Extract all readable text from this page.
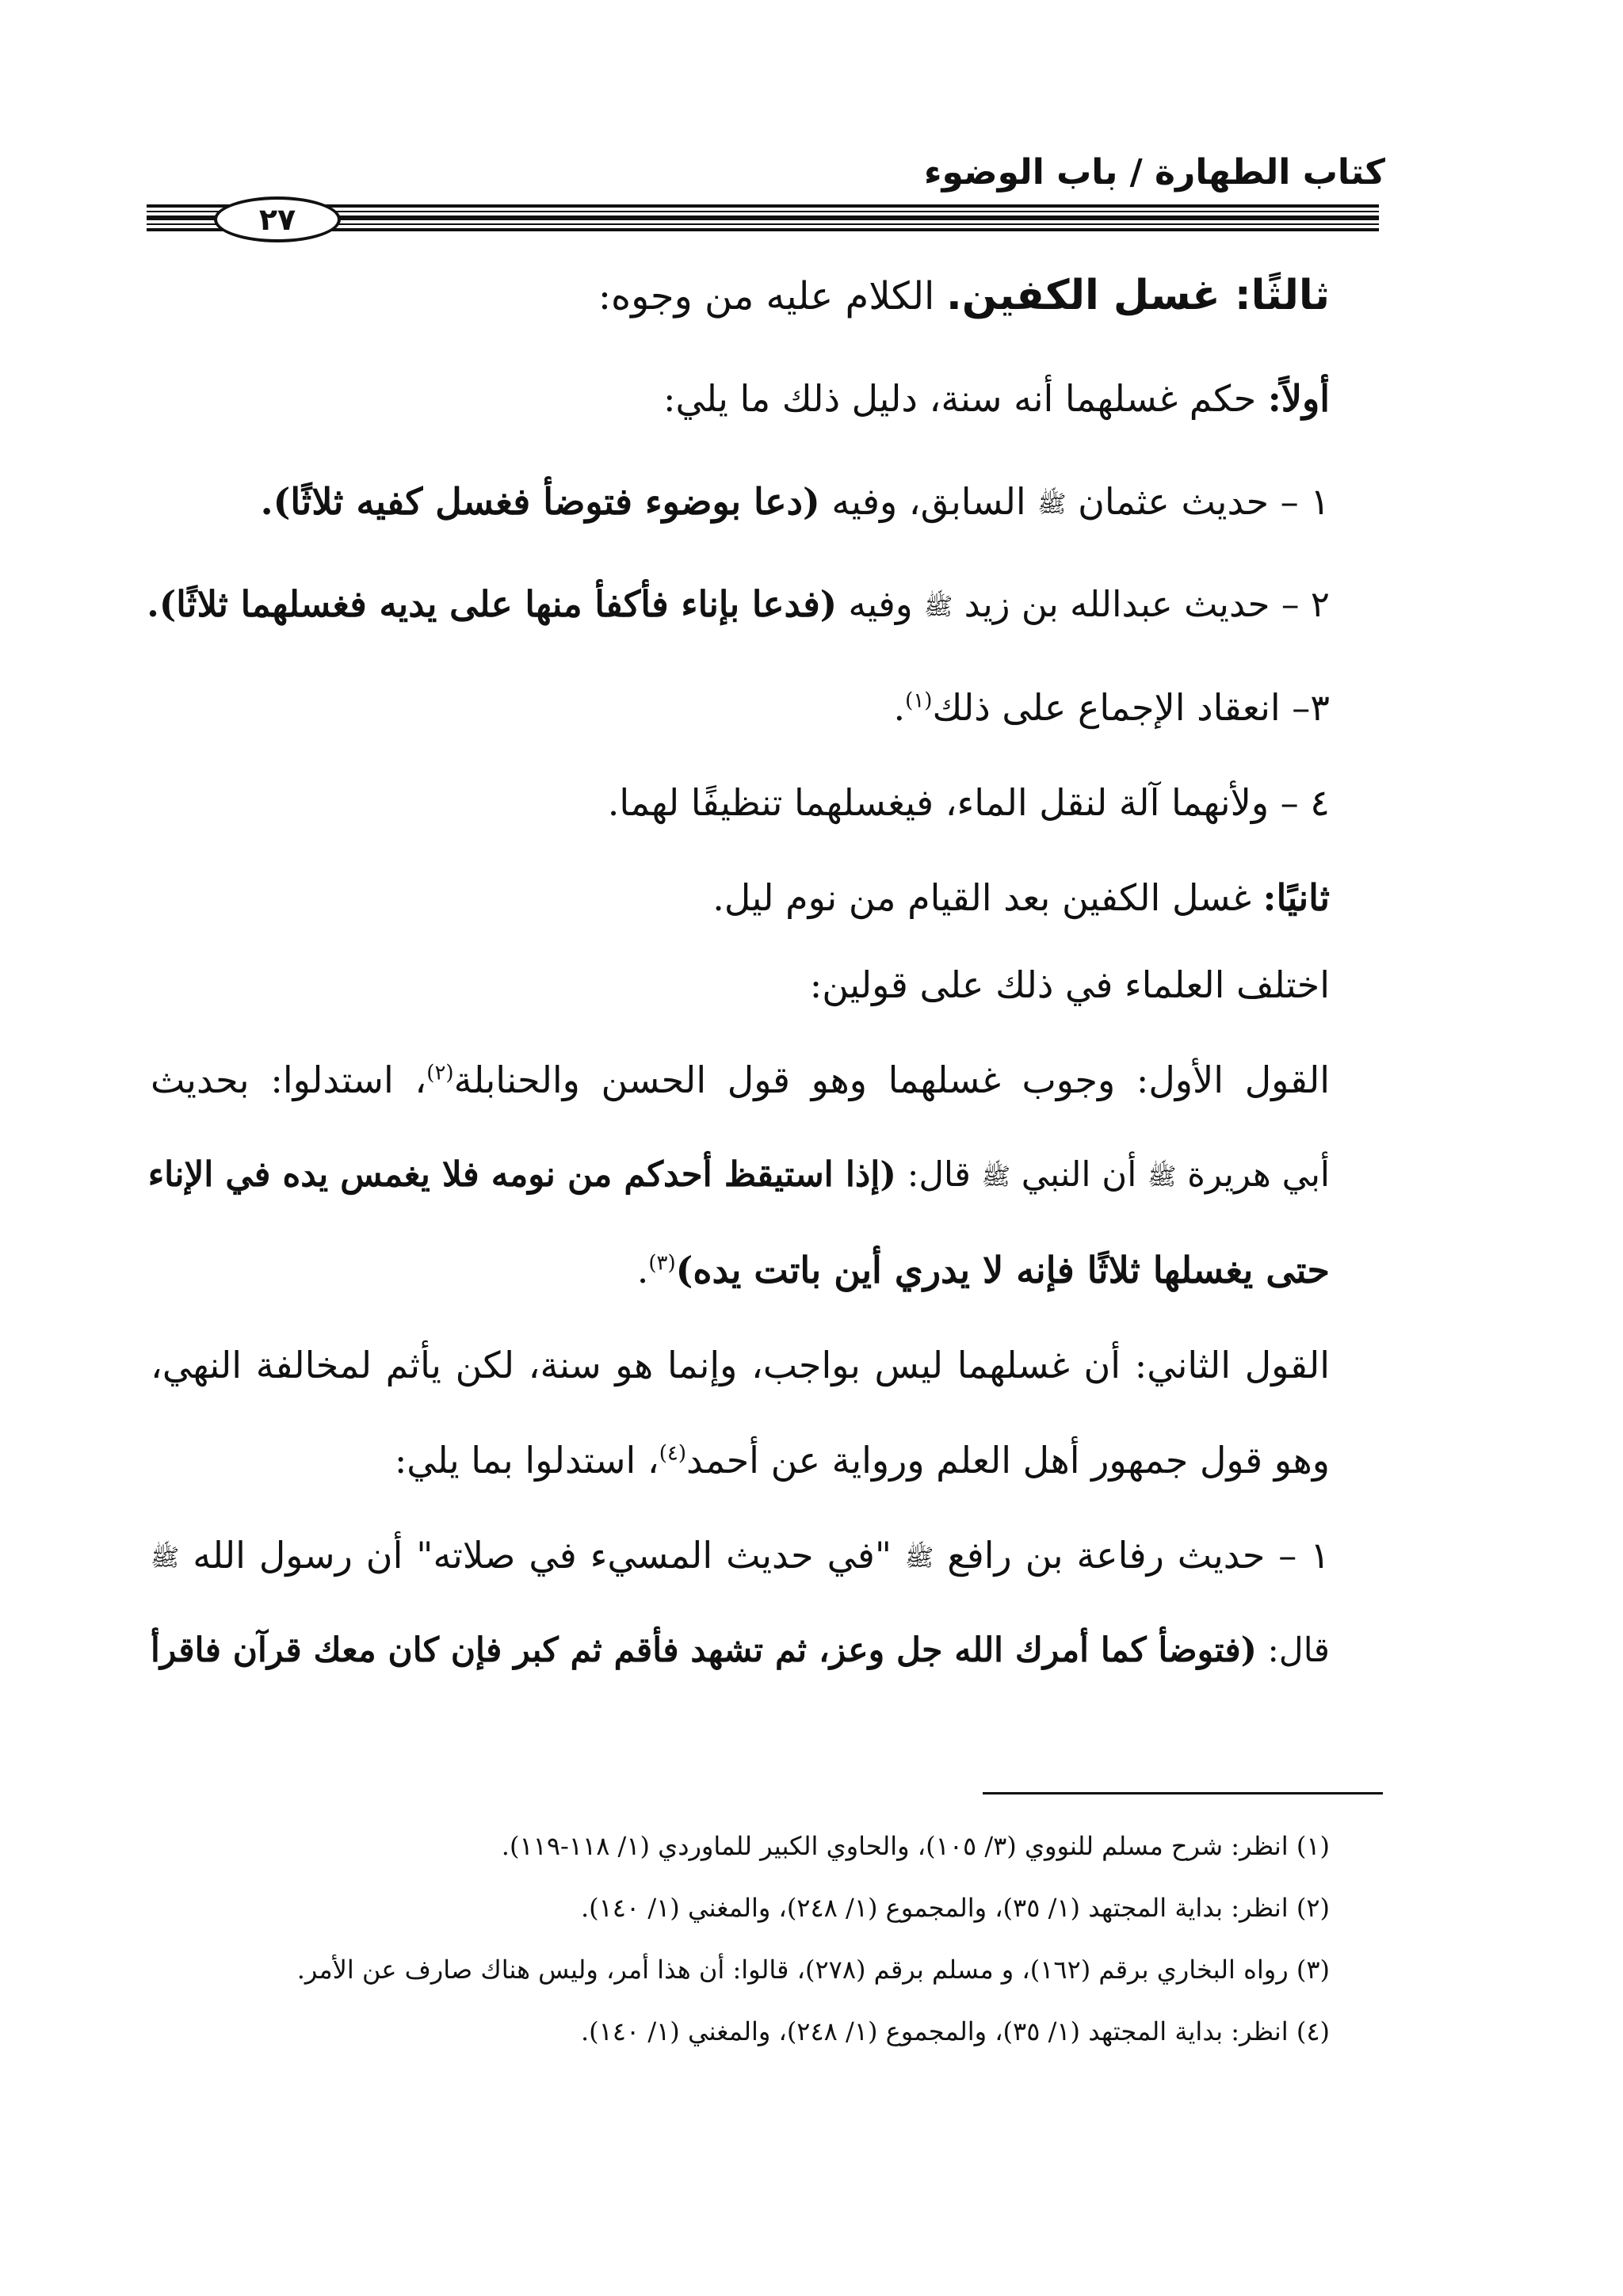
كتاب الطهارة / باب الوضوء
٢٧
ثالثًا: غسل الكفين. الكلام عليه من وجوه:
أولاً: حكم غسلهما أنه سنة، دليل ذلك ما يلي:
١ – حديث عثمان ﷺ السابق، وفيه (دعا بوضوء فتوضأ فغسل كفيه ثلاثًا).
٢ – حديث عبدالله بن زيد ﷺ وفيه (فدعا بإناء فأكفأ منها على يديه فغسلهما ثلاثًا).
٣– انعقاد الإجماع على ذلك$^{(١)}$.
٤ – ولأنهما آلة لنقل الماء، فيغسلهما تنظيفًا لهما.
ثانيًا: غسل الكفين بعد القيام من نوم ليل.
اختلف العلماء في ذلك على قولين:
القول الأول: وجوب غسلهما وهو قول الحسن والحنابلة$^{(٢)}$، استدلوا: بحديث
أبي هريرة ﷺ أن النبي ﷺ قال: (إذا استيقظ أحدكم من نومه فلا يغمس يده في الإناء
حتى يغسلها ثلاثًا فإنه لا يدري أين باتت يده)$^{(٣)}$.
القول الثاني: أن غسلهما ليس بواجب، وإنما هو سنة، لكن يأثم لمخالفة النهي،
وهو قول جمهور أهل العلم ورواية عن أحمد$^{(٤)}$، استدلوا بما يلي:
١ – حديث رفاعة بن رافع ﷺ "في حديث المسيء في صلاته" أن رسول الله ﷺ
قال: (فتوضأ كما أمرك الله جل وعز، ثم تشهد فأقم ثم كبر فإن كان معك قرآن فاقرأ
(١) انظر: شرح مسلم للنووي (٣/ ١٠٥)، والحاوي الكبير للماوردي (١/ ١١٨-١١٩).
(٢) انظر: بداية المجتهد (١/ ٣٥)، والمجموع (١/ ٢٤٨)، والمغني (١/ ١٤٠).
(٣) رواه البخاري برقم (١٦٢)، و مسلم برقم (٢٧٨)، قالوا: أن هذا أمر، وليس هناك صارف عن الأمر.
(٤) انظر: بداية المجتهد (١/ ٣٥)، والمجموع (١/ ٢٤٨)، والمغني (١/ ١٤٠).
